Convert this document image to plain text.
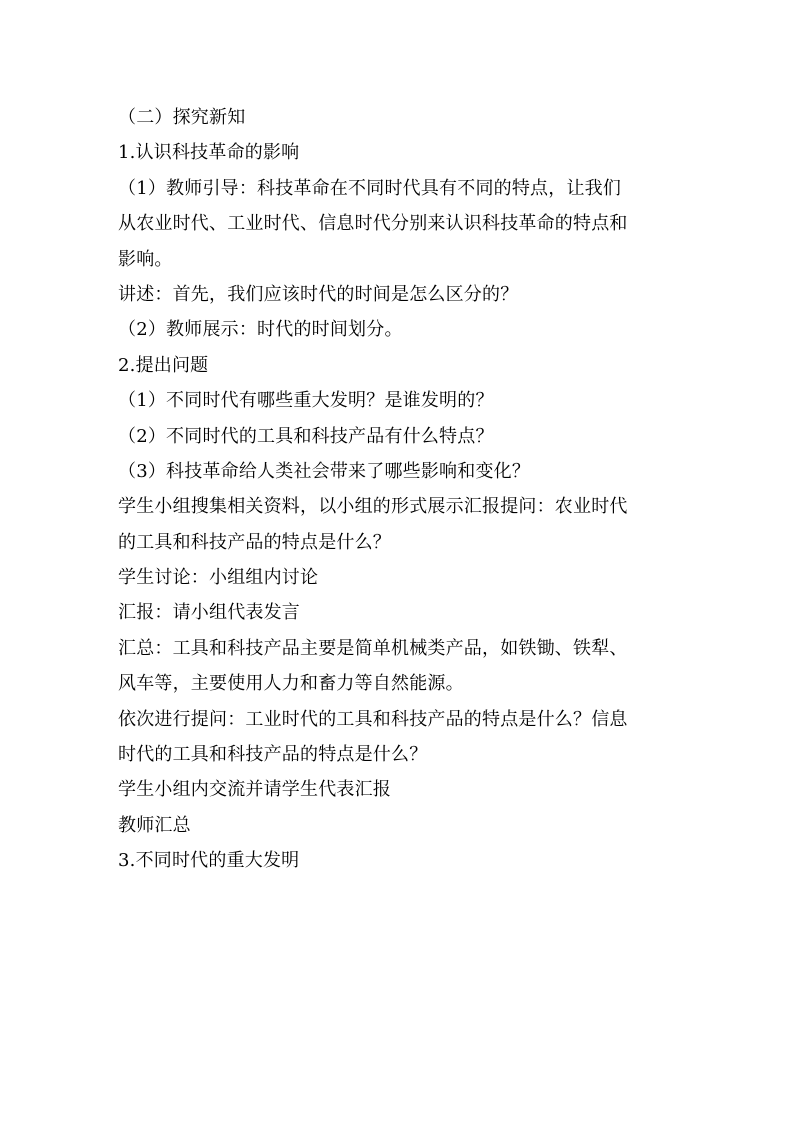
（二）探究新知
1.认识科技革命的影响
（1）教师引导：科技革命在不同时代具有不同的特点，让我们
从农业时代、工业时代、信息时代分别来认识科技革命的特点和
影响。
讲述：首先，我们应该时代的时间是怎么区分的？
（2）教师展示：时代的时间划分。
2.提出问题
（1）不同时代有哪些重大发明？是谁发明的？
（2）不同时代的工具和科技产品有什么特点？
（3）科技革命给人类社会带来了哪些影响和变化？
学生小组搜集相关资料，以小组的形式展示汇报提问：农业时代
的工具和科技产品的特点是什么？
学生讨论：小组组内讨论
汇报：请小组代表发言
汇总：工具和科技产品主要是简单机械类产品，如铁锄、铁犁、
风车等，主要使用人力和畜力等自然能源。
依次进行提问：工业时代的工具和科技产品的特点是什么？信息
时代的工具和科技产品的特点是什么？
学生小组内交流并请学生代表汇报
教师汇总
3.不同时代的重大发明
